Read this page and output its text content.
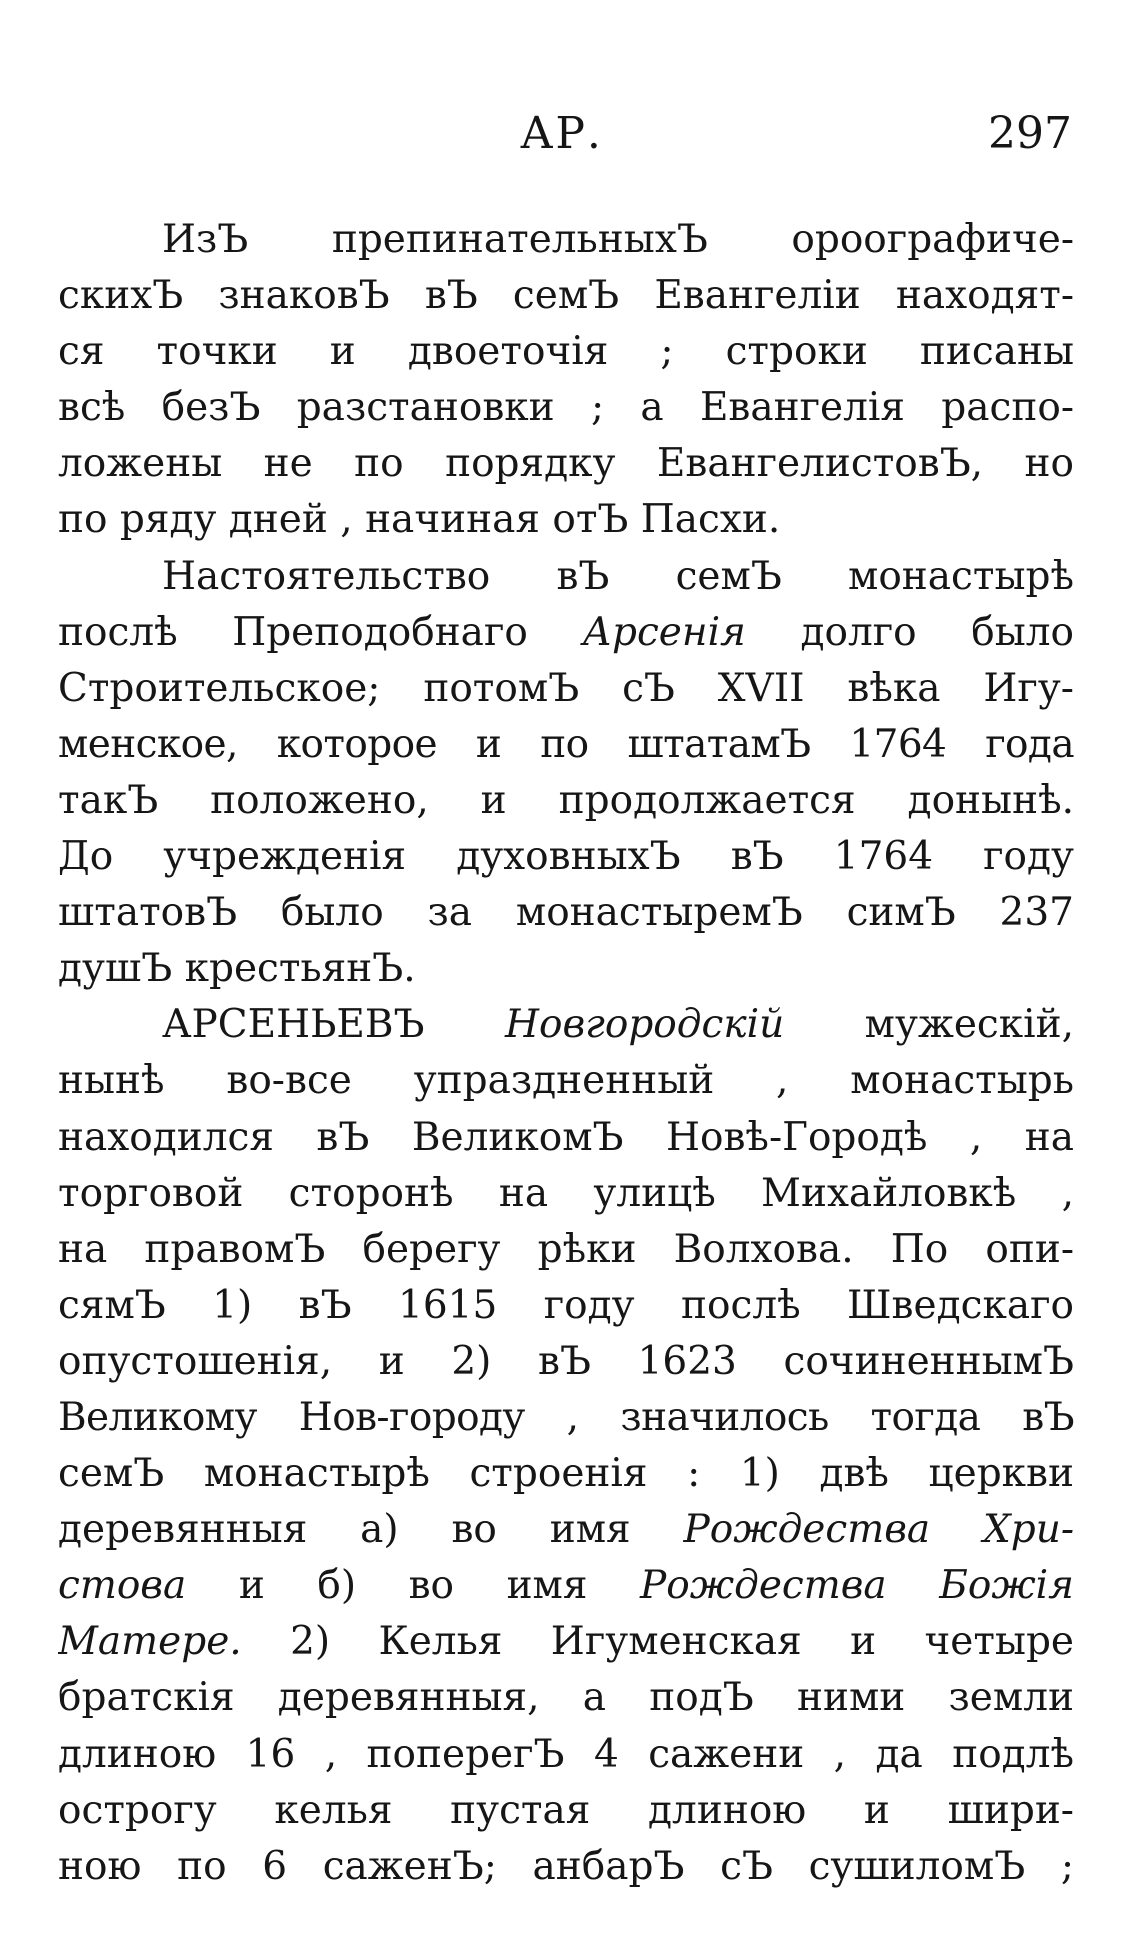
АР.	297
ИзЪ препинательныхЪ ороографиче-
скихЪ знаковЪ вЪ семЪ Евангеліи находят-
ся точки и двоеточія ; строки писаны
всѣ безЪ разстановки ; а Евангелія распо-
ложены не по порядку ЕвангелистовЪ, но
по ряду дней , начиная отЪ Пасхи.
Настоятельство вЪ семЪ монастырѣ
послѣ Преподобнаго Арсенія долго было
Строительское; потомЪ сЪ XVII вѣка Игу-
менское, которое и по штатамЪ 1764 года
такЪ положено, и продолжается донынѣ.
До учрежденія духовныхЪ вЪ 1764 году
штатовЪ было за монастыремЪ симЪ 237
душЪ крестьянЪ.
АРСЕНЬЕВЪ Новгородскій мужескій,
нынѣ во-все упраздненный , монастырь
находился вЪ ВеликомЪ Новѣ-Городѣ , на
торговой сторонѣ на улицѣ Михайловкѣ ,
на правомЪ берегу рѣки Волхова. По опи-
сямЪ 1) вЪ 1615 году послѣ Шведскаго
опустошенія, и 2) вЪ 1623 сочиненнымЪ
Великому Нов-городу , значилось тогда вЪ
семЪ монастырѣ строенія : 1) двѣ церкви
деревянныя а) во имя Рождества Хри-
стова и б) во имя Рождества Божія
Матере. 2) Келья Игуменская и четыре
братскія деревянныя, а подЪ ними земли
длиною 16 , поперегЪ 4 сажени , да подлѣ
острогу келья пустая длиною и шири-
ною по 6 саженЪ; анбарЪ сЪ сушиломЪ ;
